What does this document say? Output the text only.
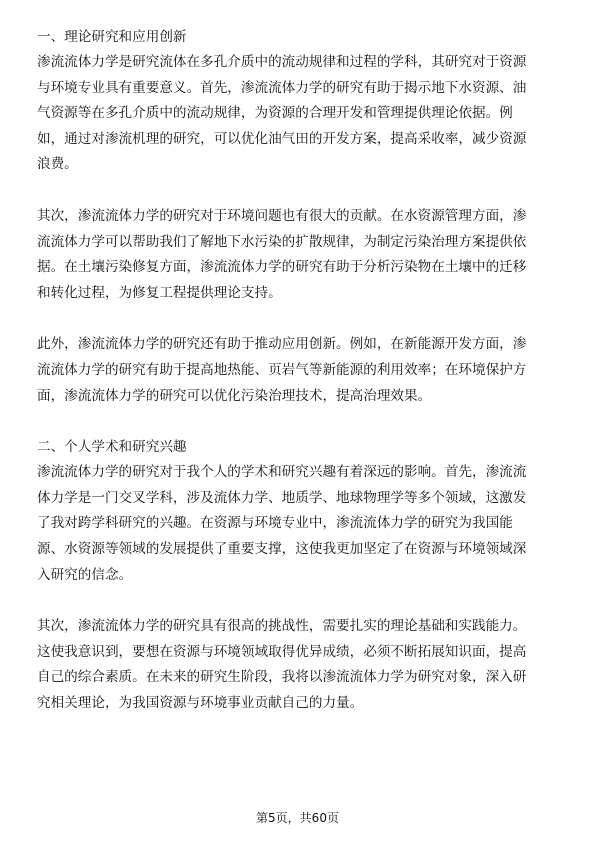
一、理论研究和应用创新

渗流流体力学是研究流体在多孔介质中的流动规律和过程的学科，其研究对于资源
与环境专业具有重要意义。首先，渗流流体力学的研究有助于揭示地下水资源、油
气资源等在多孔介质中的流动规律，为资源的合理开发和管理提供理论依据。例
如，通过对渗流机理的研究，可以优化油气田的开发方案，提高采收率，减少资源
浪费。

其次，渗流流体力学的研究对于环境问题也有很大的贡献。在水资源管理方面，渗
流流体力学可以帮助我们了解地下水污染的扩散规律，为制定污染治理方案提供依
据。在土壤污染修复方面，渗流流体力学的研究有助于分析污染物在土壤中的迁移
和转化过程，为修复工程提供理论支持。

此外，渗流流体力学的研究还有助于推动应用创新。例如，在新能源开发方面，渗
流流体力学的研究有助于提高地热能、页岩气等新能源的利用效率；在环境保护方
面，渗流流体力学的研究可以优化污染治理技术，提高治理效果。

二、个人学术和研究兴趣

渗流流体力学的研究对于我个人的学术和研究兴趣有着深远的影响。首先，渗流流
体力学是一门交叉学科，涉及流体力学、地质学、地球物理学等多个领域，这激发
了我对跨学科研究的兴趣。在资源与环境专业中，渗流流体力学的研究为我国能
源、水资源等领域的发展提供了重要支撑，这使我更加坚定了在资源与环境领域深
入研究的信念。

其次，渗流流体力学的研究具有很高的挑战性，需要扎实的理论基础和实践能力。
这使我意识到，要想在资源与环境领域取得优异成绩，必须不断拓展知识面，提高
自己的综合素质。在未来的研究生阶段，我将以渗流流体力学为研究对象，深入研
究相关理论，为我国资源与环境事业贡献自己的力量。

第5页，共60页
